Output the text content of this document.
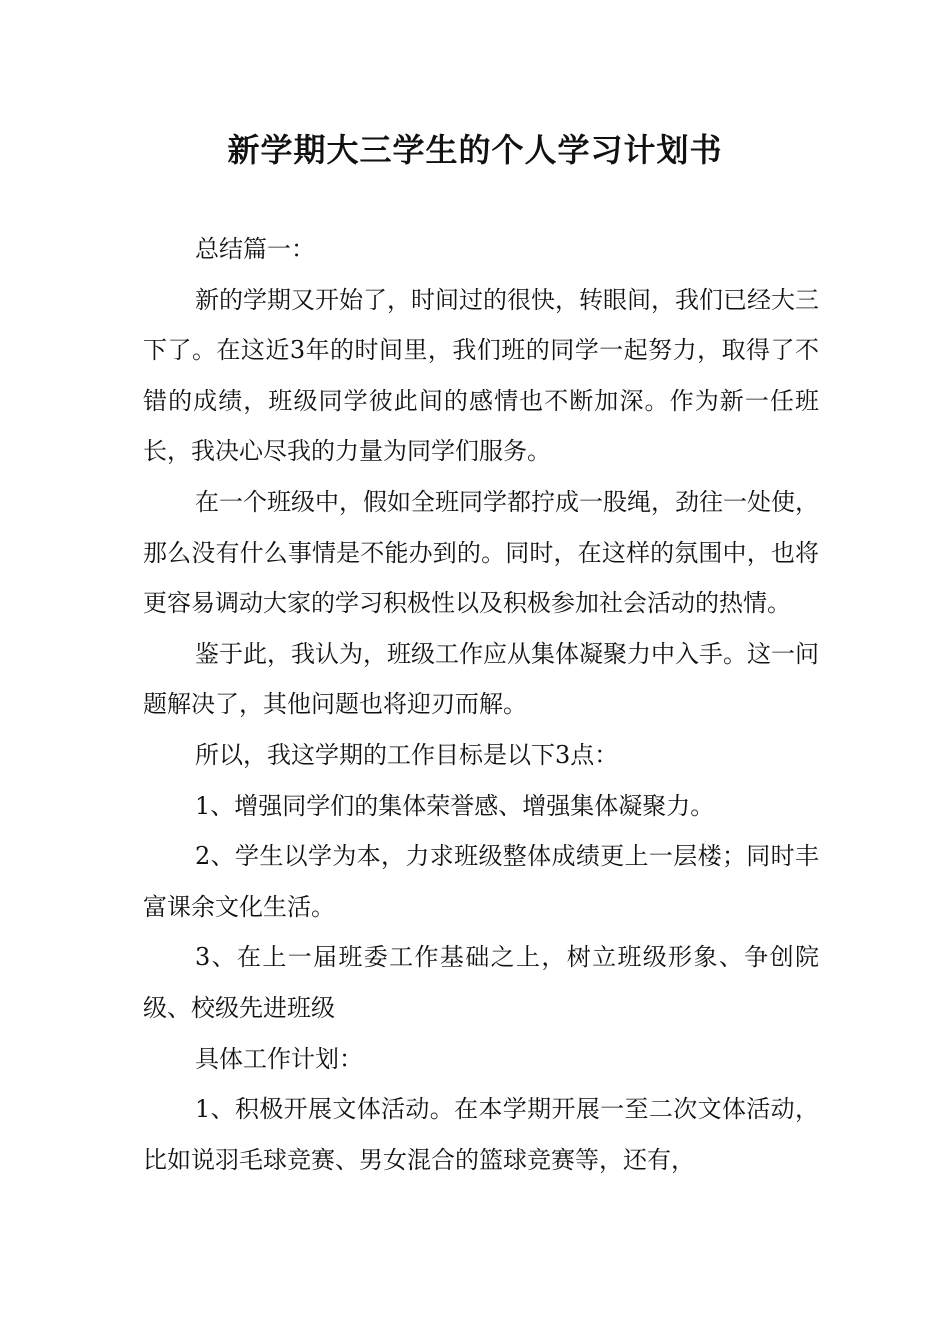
新学期大三学生的个人学习计划书

总结篇一：

新的学期又开始了，时间过的很快，转眼间，我们已经大三下了。在这近3年的时间里，我们班的同学一起努力，取得了不错的成绩，班级同学彼此间的感情也不断加深。作为新一任班长，我决心尽我的力量为同学们服务。

在一个班级中，假如全班同学都拧成一股绳，劲往一处使，那么没有什么事情是不能办到的。同时，在这样的氛围中，也将更容易调动大家的学习积极性以及积极参加社会活动的热情。

鉴于此，我认为，班级工作应从集体凝聚力中入手。这一问题解决了，其他问题也将迎刃而解。

所以，我这学期的工作目标是以下3点：

1、增强同学们的集体荣誉感、增强集体凝聚力。

2、学生以学为本，力求班级整体成绩更上一层楼；同时丰富课余文化生活。

3、在上一届班委工作基础之上，树立班级形象、争创院级、校级先进班级

具体工作计划：

1、积极开展文体活动。在本学期开展一至二次文体活动，比如说羽毛球竞赛、男女混合的篮球竞赛等，还有，
